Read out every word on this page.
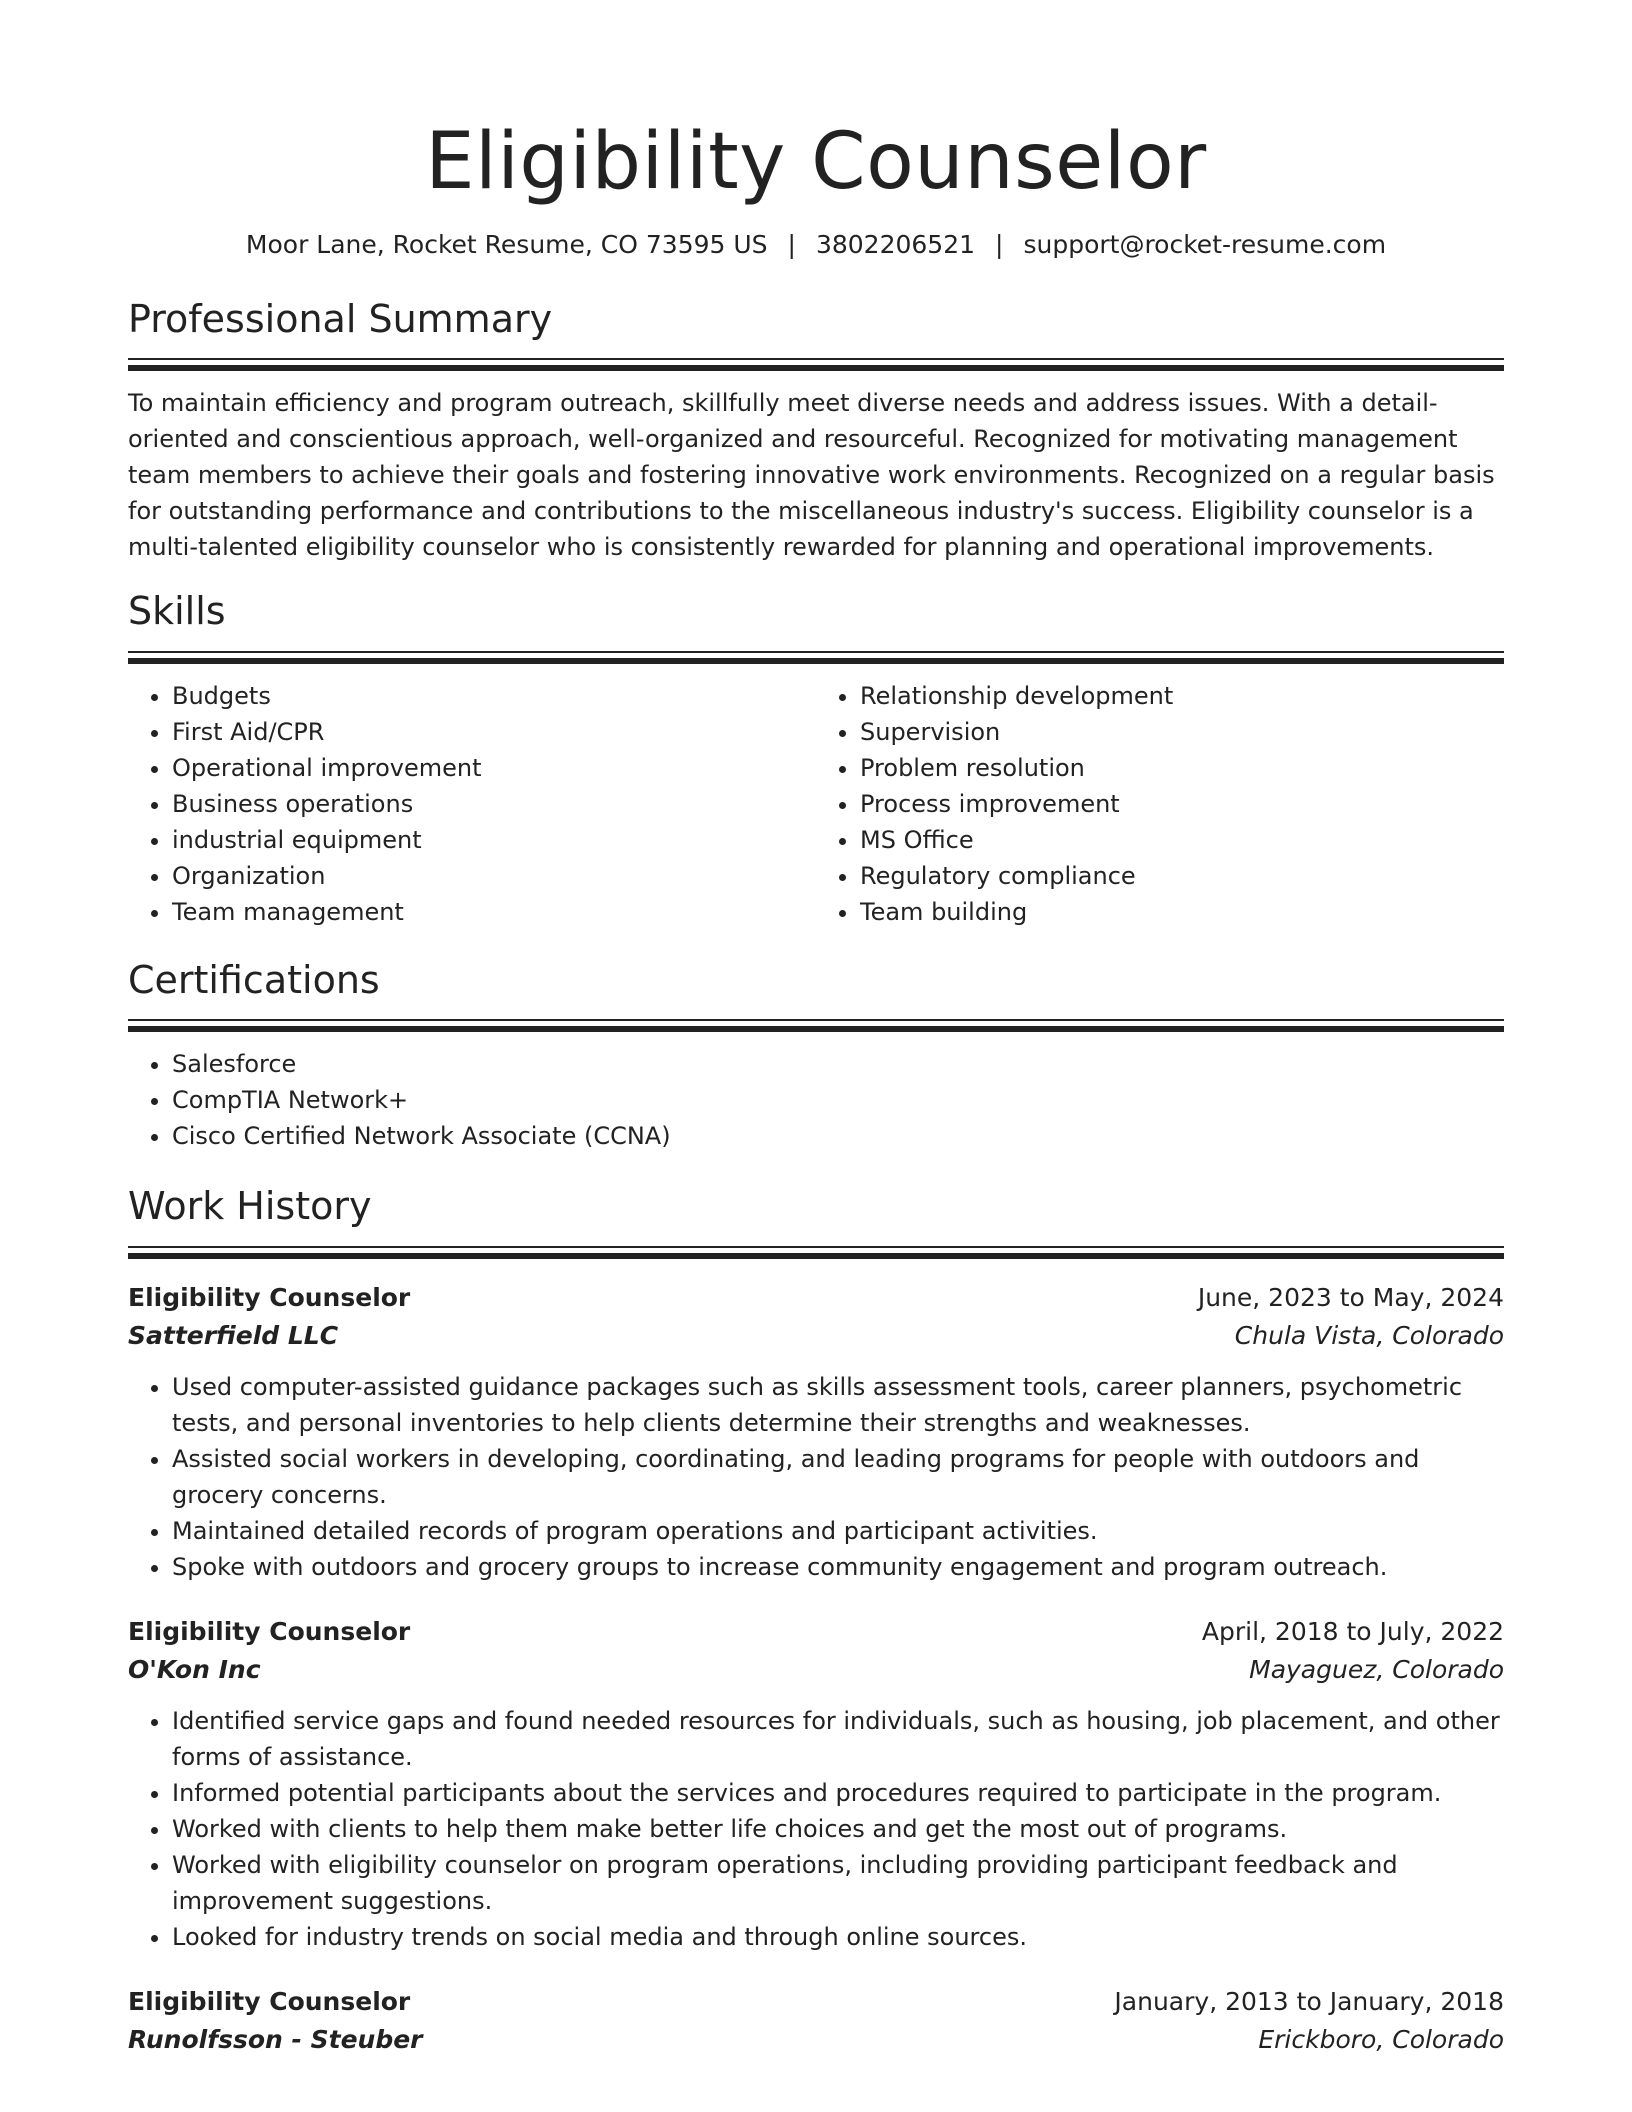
Eligibility Counselor
Moor Lane, Rocket Resume, CO 73595 US | 3802206521 | support@rocket-resume.com
Professional Summary

To maintain efficiency and program outreach, skillfully meet diverse needs and address issues. With a detail-oriented and conscientious approach, well-organized and resourceful. Recognized for motivating management team members to achieve their goals and fostering innovative work environments. Recognized on a regular basis for outstanding performance and contributions to the miscellaneous industry's success. Eligibility counselor is a multi-talented eligibility counselor who is consistently rewarded for planning and operational improvements.

Skills
• Budgets
• First Aid/CPR
• Operational improvement
• Business operations
• industrial equipment
• Organization
• Team management
• Relationship development
• Supervision
• Problem resolution
• Process improvement
• MS Office
• Regulatory compliance
• Team building
Certifications
• Salesforce
• CompTIA Network+
• Cisco Certified Network Associate (CCNA)
Work History
Eligibility Counselor	June, 2023 to May, 2024
Satterfield LLC	Chula Vista, Colorado
• Used computer-assisted guidance packages such as skills assessment tools, career planners, psychometric tests, and personal inventories to help clients determine their strengths and weaknesses.
• Assisted social workers in developing, coordinating, and leading programs for people with outdoors and grocery concerns.
• Maintained detailed records of program operations and participant activities.
• Spoke with outdoors and grocery groups to increase community engagement and program outreach.
Eligibility Counselor	April, 2018 to July, 2022
O'Kon Inc	Mayaguez, Colorado
• Identified service gaps and found needed resources for individuals, such as housing, job placement, and other forms of assistance.
• Informed potential participants about the services and procedures required to participate in the program.
• Worked with clients to help them make better life choices and get the most out of programs.
• Worked with eligibility counselor on program operations, including providing participant feedback and improvement suggestions.
• Looked for industry trends on social media and through online sources.
Eligibility Counselor	January, 2013 to January, 2018
Runolfsson - Steuber	Erickboro, Colorado
